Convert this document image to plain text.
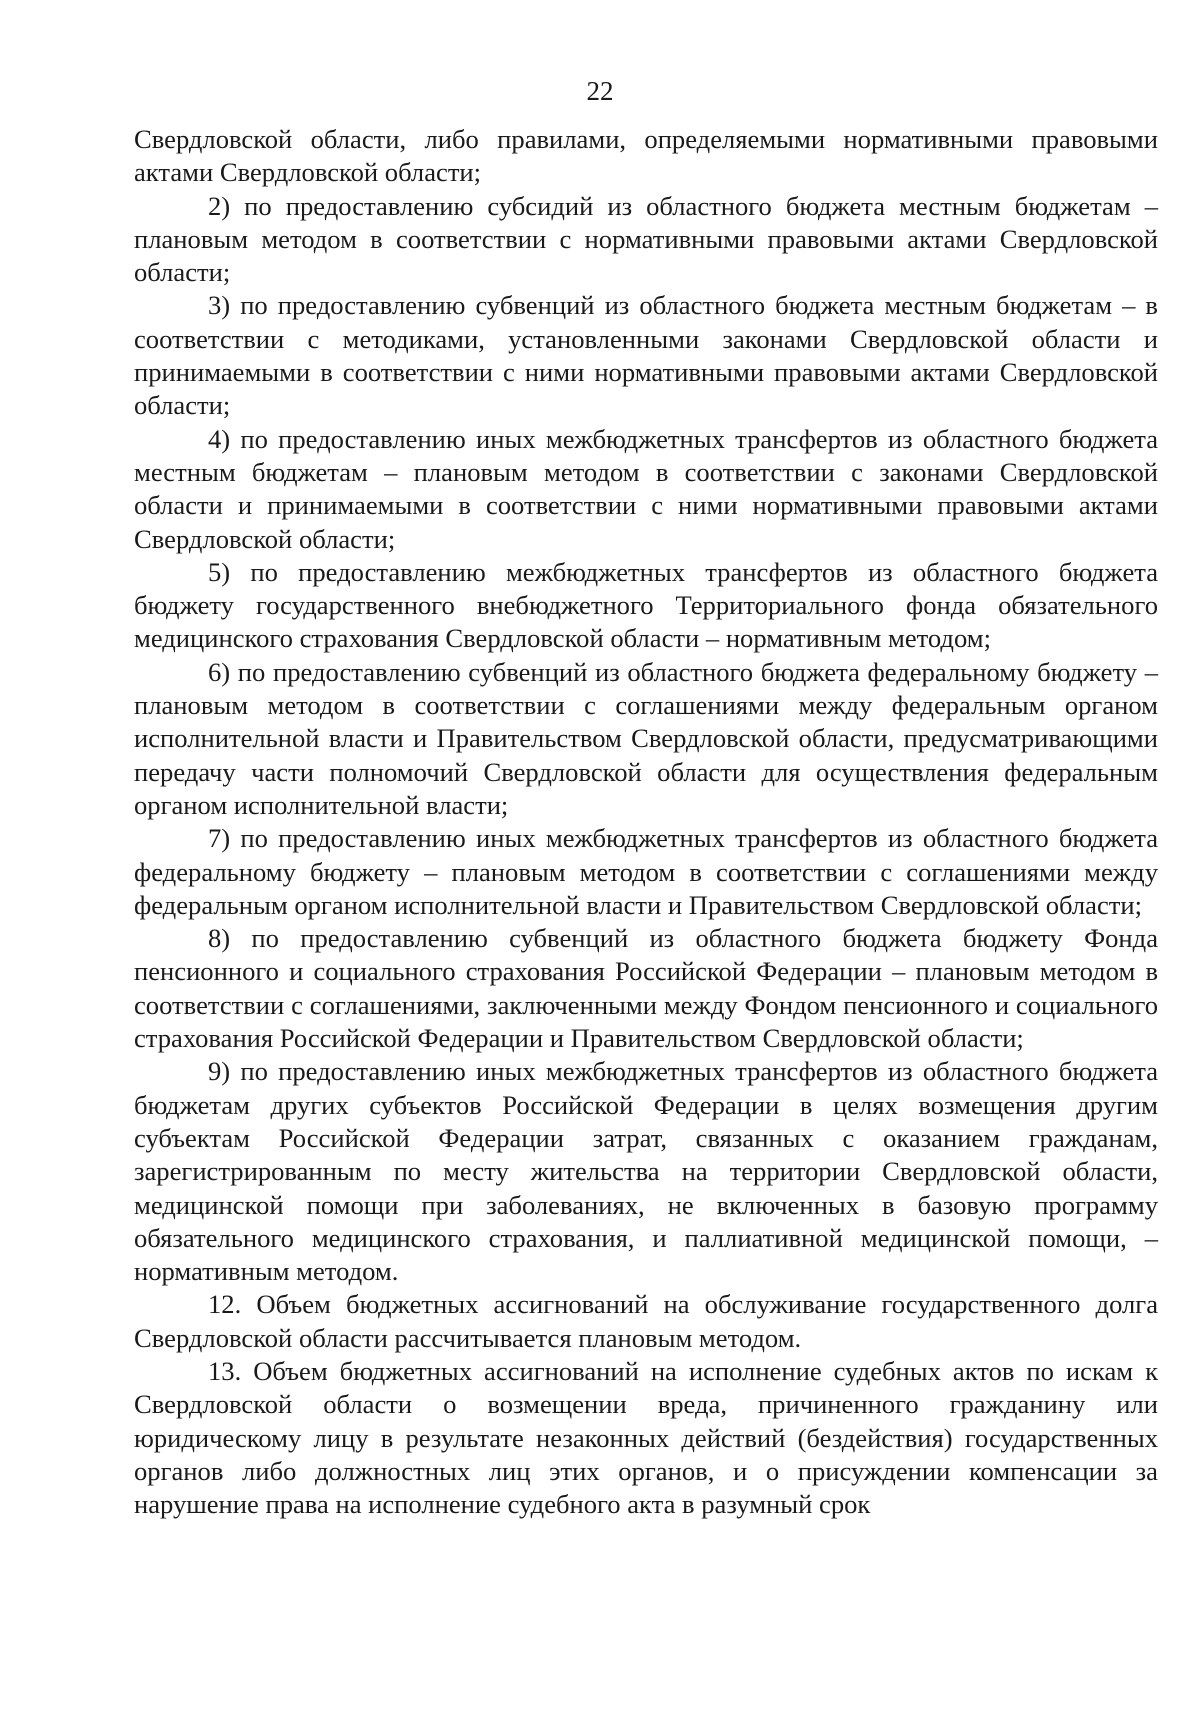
22

Свердловской области, либо правилами, определяемыми нормативными правовыми актами Свердловской области;

2) по предоставлению субсидий из областного бюджета местным бюджетам – плановым методом в соответствии с нормативными правовыми актами Свердловской области;

3) по предоставлению субвенций из областного бюджета местным бюджетам – в соответствии с методиками, установленными законами Свердловской области и принимаемыми в соответствии с ними нормативными правовыми актами Свердловской области;

4) по предоставлению иных межбюджетных трансфертов из областного бюджета местным бюджетам – плановым методом в соответствии с законами Свердловской области и принимаемыми в соответствии с ними нормативными правовыми актами Свердловской области;

5) по предоставлению межбюджетных трансфертов из областного бюджета бюджету государственного внебюджетного Территориального фонда обязательного медицинского страхования Свердловской области – нормативным методом;

6) по предоставлению субвенций из областного бюджета федеральному бюджету – плановым методом в соответствии с соглашениями между федеральным органом исполнительной власти и Правительством Свердловской области, предусматривающими передачу части полномочий Свердловской области для осуществления федеральным органом исполнительной власти;

7) по предоставлению иных межбюджетных трансфертов из областного бюджета федеральному бюджету – плановым методом в соответствии с соглашениями между федеральным органом исполнительной власти и Правительством Свердловской области;

8) по предоставлению субвенций из областного бюджета бюджету Фонда пенсионного и социального страхования Российской Федерации – плановым методом в соответствии с соглашениями, заключенными между Фондом пенсионного и социального страхования Российской Федерации и Правительством Свердловской области;

9) по предоставлению иных межбюджетных трансфертов из областного бюджета бюджетам других субъектов Российской Федерации в целях возмещения другим субъектам Российской Федерации затрат, связанных с оказанием гражданам, зарегистрированным по месту жительства на территории Свердловской области, медицинской помощи при заболеваниях, не включенных в базовую программу обязательного медицинского страхования, и паллиативной медицинской помощи, – нормативным методом.

12. Объем бюджетных ассигнований на обслуживание государственного долга Свердловской области рассчитывается плановым методом.

13. Объем бюджетных ассигнований на исполнение судебных актов по искам к Свердловской области о возмещении вреда, причиненного гражданину или юридическому лицу в результате незаконных действий (бездействия) государственных органов либо должностных лиц этих органов, и о присуждении компенсации за нарушение права на исполнение судебного акта в разумный срок
